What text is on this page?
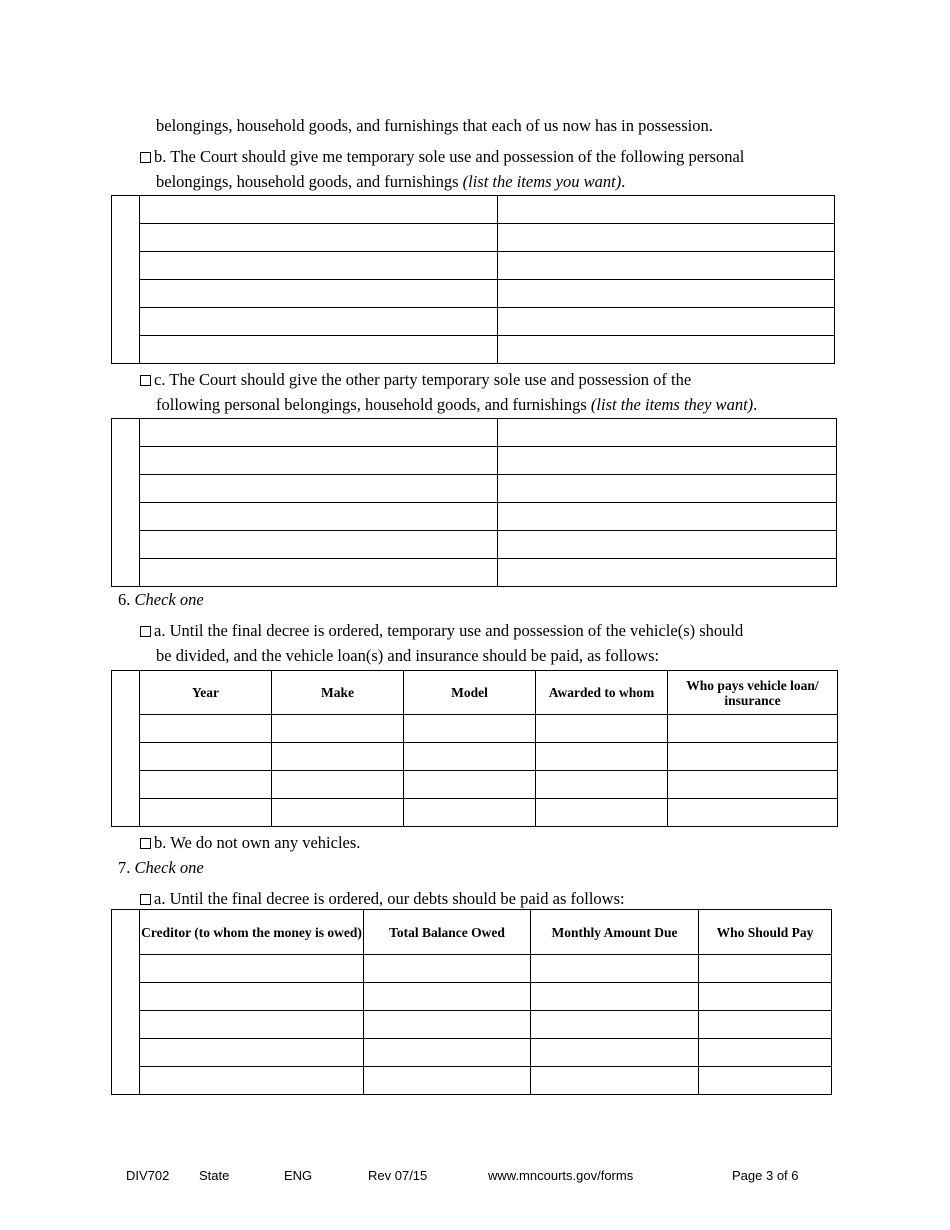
belongings, household goods, and furnishings that each of us now has in possession.
b. The Court should give me temporary sole use and possession of the following personal
belongings, household goods, and furnishings (list the items you want).

c. The Court should give the other party temporary sole use and possession of the
following personal belongings, household goods, and furnishings (list the items they want).

6. Check one
a. Until the final decree is ordered, temporary use and possession of the vehicle(s) should
be divided, and the vehicle loan(s) and insurance should be paid, as follows:
	Year	Make	Model	Awarded to whom	Who pays vehicle loan/ insurance

b. We do not own any vehicles.
7. Check one
a. Until the final decree is ordered, our debts should be paid as follows:
	Creditor (to whom the money is owed)	Total Balance Owed	Monthly Amount Due	Who Should Pay

DIV702 State	ENG	Rev 07/15	www.mncourts.gov/forms	Page 3 of 6
